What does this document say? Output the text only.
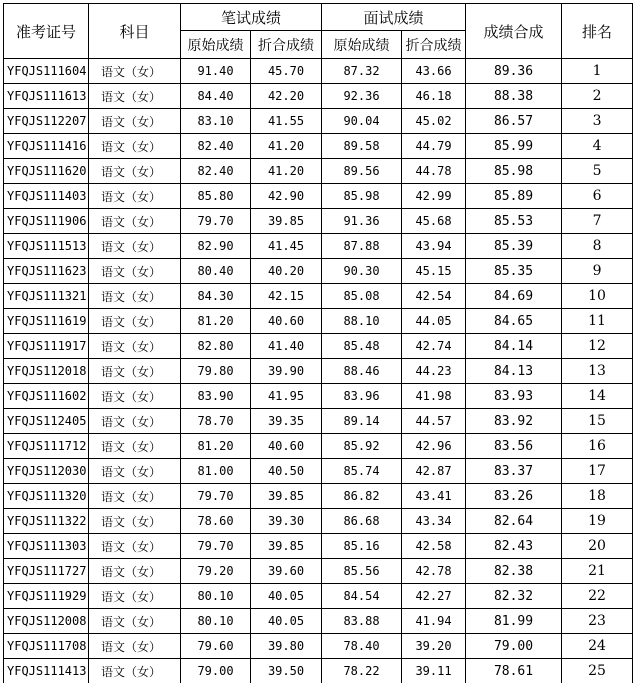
准考证号	科目	笔试成绩		面试成绩		成绩合成	排名
		原始成绩	折合成绩	原始成绩	折合成绩		
YFQJS111604	语文（女）	91.40	45.70	87.32	43.66	89.36	1
YFQJS111613	语文（女）	84.40	42.20	92.36	46.18	88.38	2
YFQJS112207	语文（女）	83.10	41.55	90.04	45.02	86.57	3
YFQJS111416	语文（女）	82.40	41.20	89.58	44.79	85.99	4
YFQJS111620	语文（女）	82.40	41.20	89.56	44.78	85.98	5
YFQJS111403	语文（女）	85.80	42.90	85.98	42.99	85.89	6
YFQJS111906	语文（女）	79.70	39.85	91.36	45.68	85.53	7
YFQJS111513	语文（女）	82.90	41.45	87.88	43.94	85.39	8
YFQJS111623	语文（女）	80.40	40.20	90.30	45.15	85.35	9
YFQJS111321	语文（女）	84.30	42.15	85.08	42.54	84.69	10
YFQJS111619	语文（女）	81.20	40.60	88.10	44.05	84.65	11
YFQJS111917	语文（女）	82.80	41.40	85.48	42.74	84.14	12
YFQJS112018	语文（女）	79.80	39.90	88.46	44.23	84.13	13
YFQJS111602	语文（女）	83.90	41.95	83.96	41.98	83.93	14
YFQJS112405	语文（女）	78.70	39.35	89.14	44.57	83.92	15
YFQJS111712	语文（女）	81.20	40.60	85.92	42.96	83.56	16
YFQJS112030	语文（女）	81.00	40.50	85.74	42.87	83.37	17
YFQJS111320	语文（女）	79.70	39.85	86.82	43.41	83.26	18
YFQJS111322	语文（女）	78.60	39.30	86.68	43.34	82.64	19
YFQJS111303	语文（女）	79.70	39.85	85.16	42.58	82.43	20
YFQJS111727	语文（女）	79.20	39.60	85.56	42.78	82.38	21
YFQJS111929	语文（女）	80.10	40.05	84.54	42.27	82.32	22
YFQJS112008	语文（女）	80.10	40.05	83.88	41.94	81.99	23
YFQJS111708	语文（女）	79.60	39.80	78.40	39.20	79.00	24
YFQJS111413	语文（女）	79.00	39.50	78.22	39.11	78.61	25
